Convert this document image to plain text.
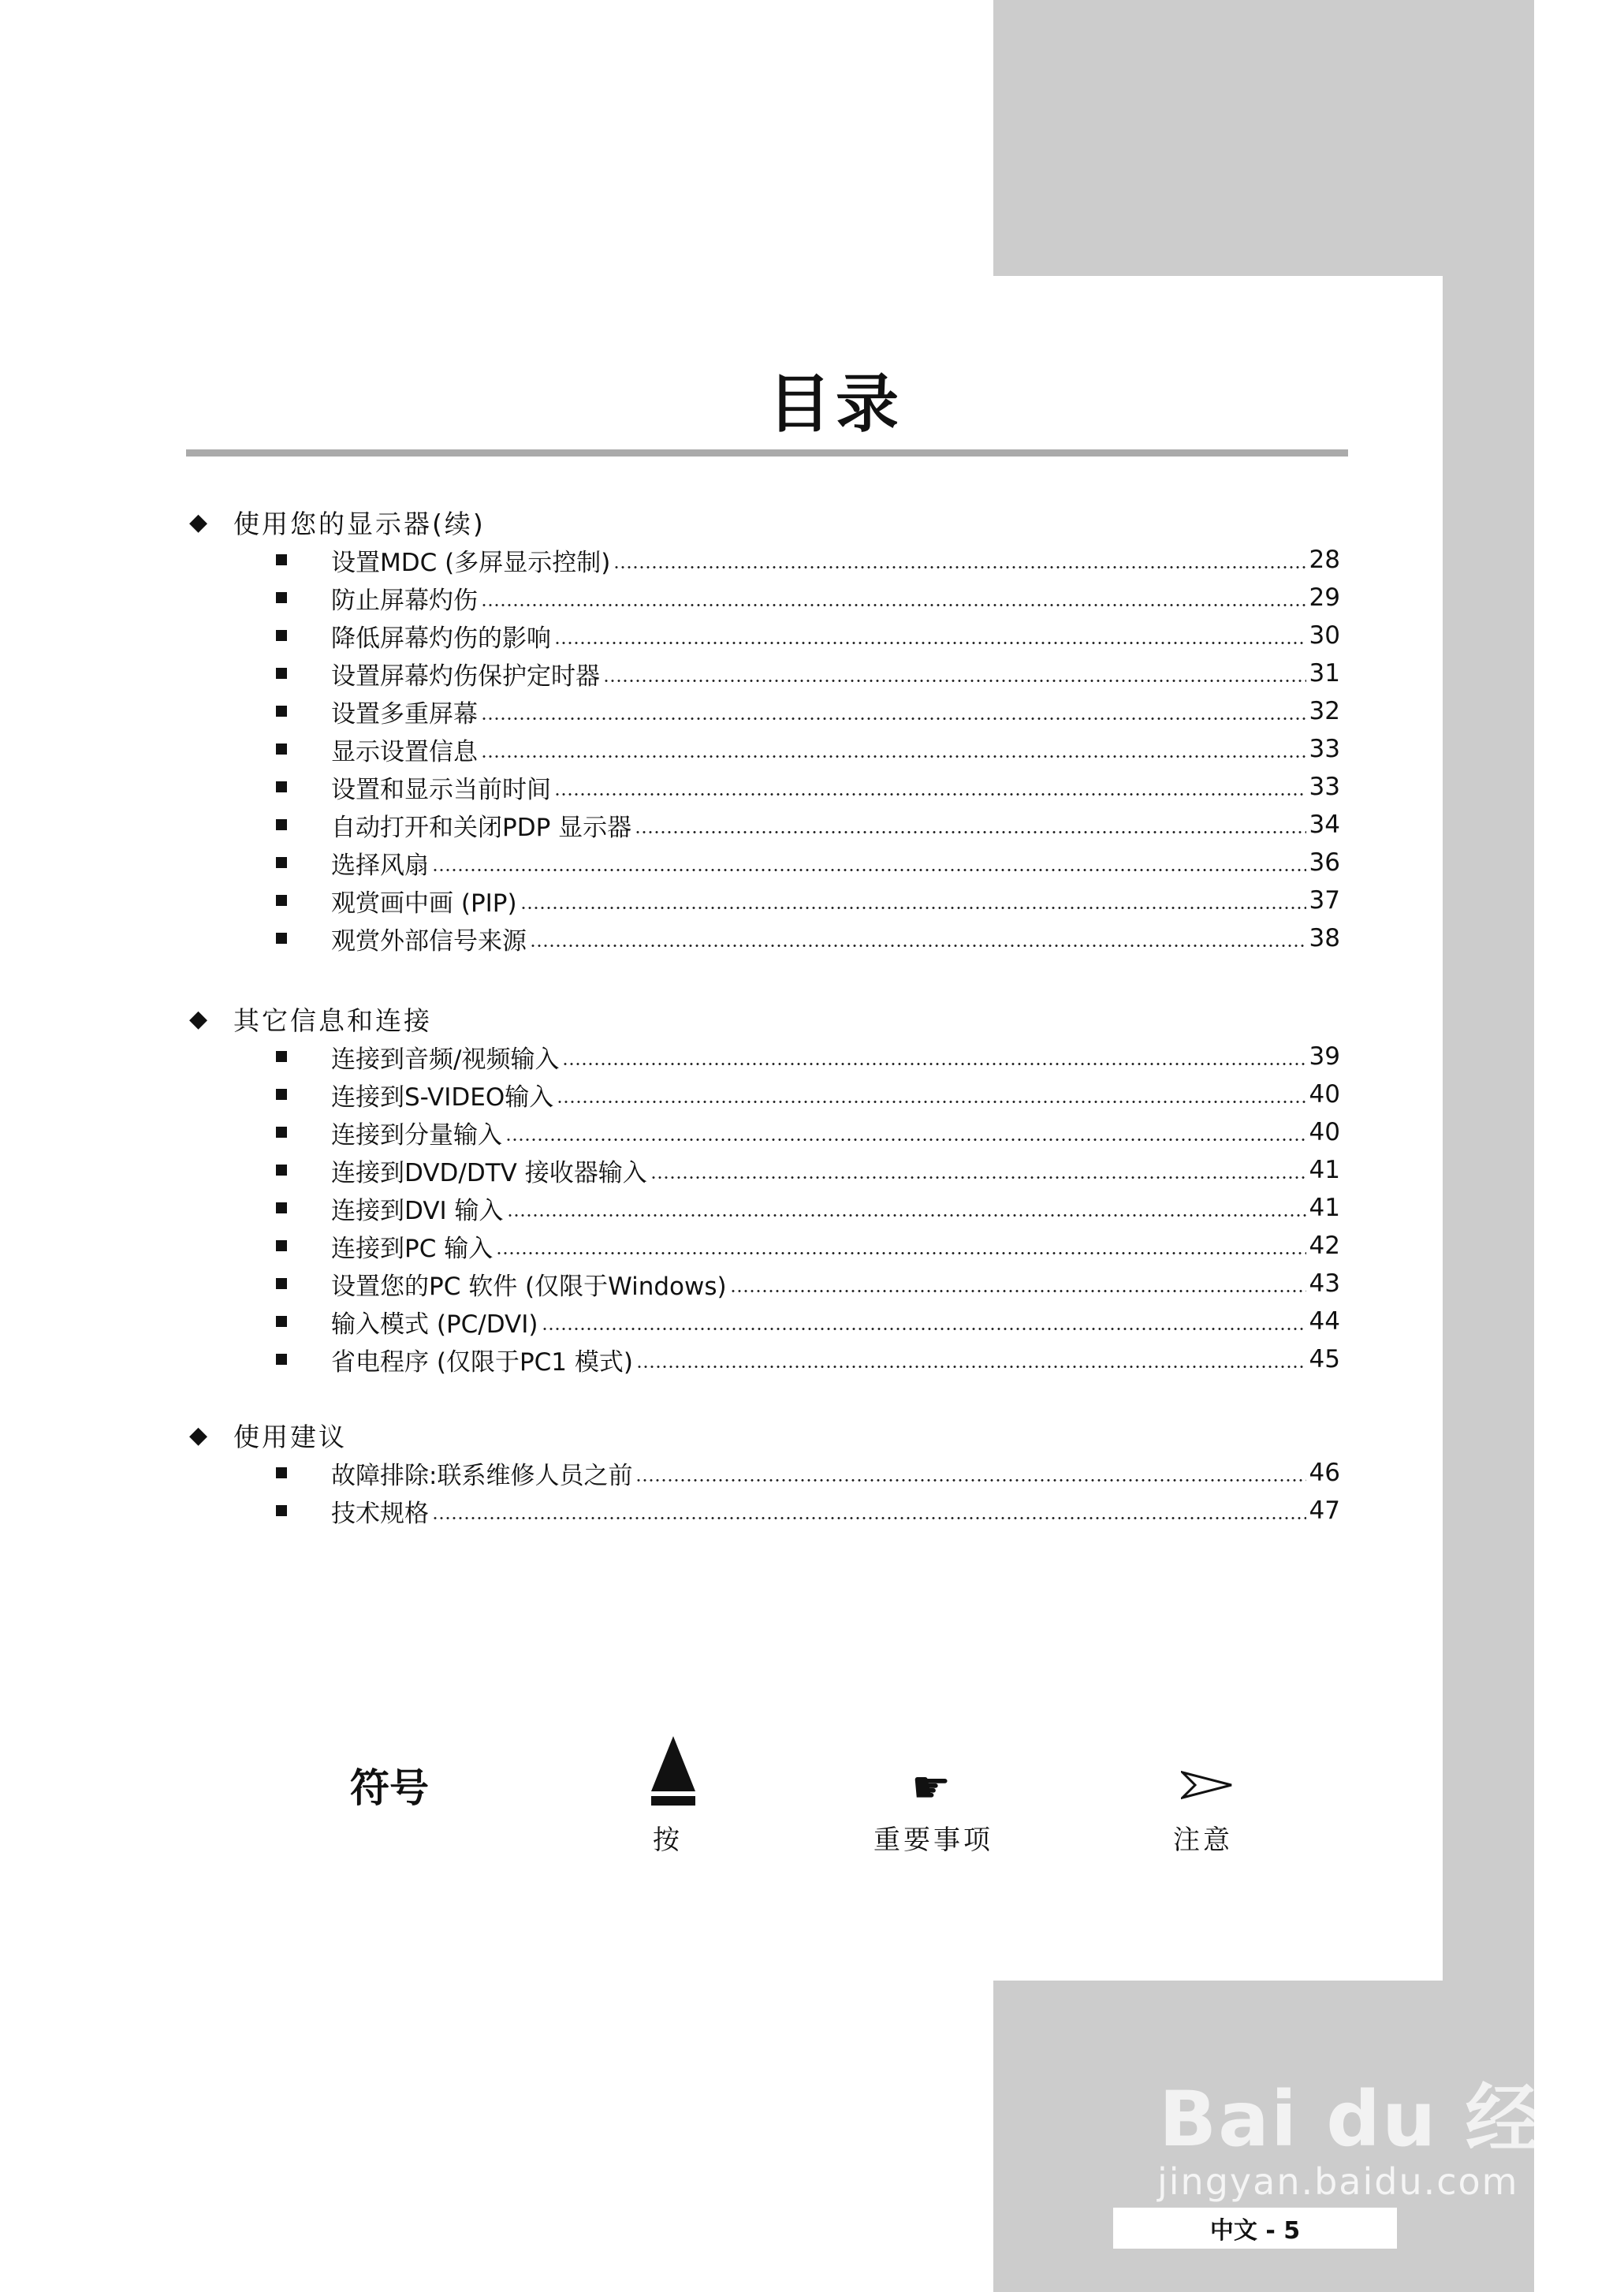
目录
◆ 使用您的显示器(续)
设置MDC (多屏显示控制)	28
防止屏幕灼伤	29
降低屏幕灼伤的影响	30
设置屏幕灼伤保护定时器	31
设置多重屏幕	32
显示设置信息	33
设置和显示当前时间	33
自动打开和关闭PDP 显示器	34
选择风扇	36
观赏画中画 (PIP)	37
观赏外部信号来源	38
◆ 其它信息和连接
连接到音频/视频输入	39
连接到S-VIDEO输入	40
连接到分量输入	40
连接到DVD/DTV 接收器输入	41
连接到DVI 输入	41
连接到PC 输入	42
设置您的PC 软件 (仅限于Windows)	43
输入模式 (PC/DVI)	44
省电程序 (仅限于PC1 模式)	45
◆ 使用建议
故障排除:联系维修人员之前	46
技术规格	47
符号	☛
按	重要事项	注意
Bai du 经验
jingyan.baidu.com
中文 - 5
